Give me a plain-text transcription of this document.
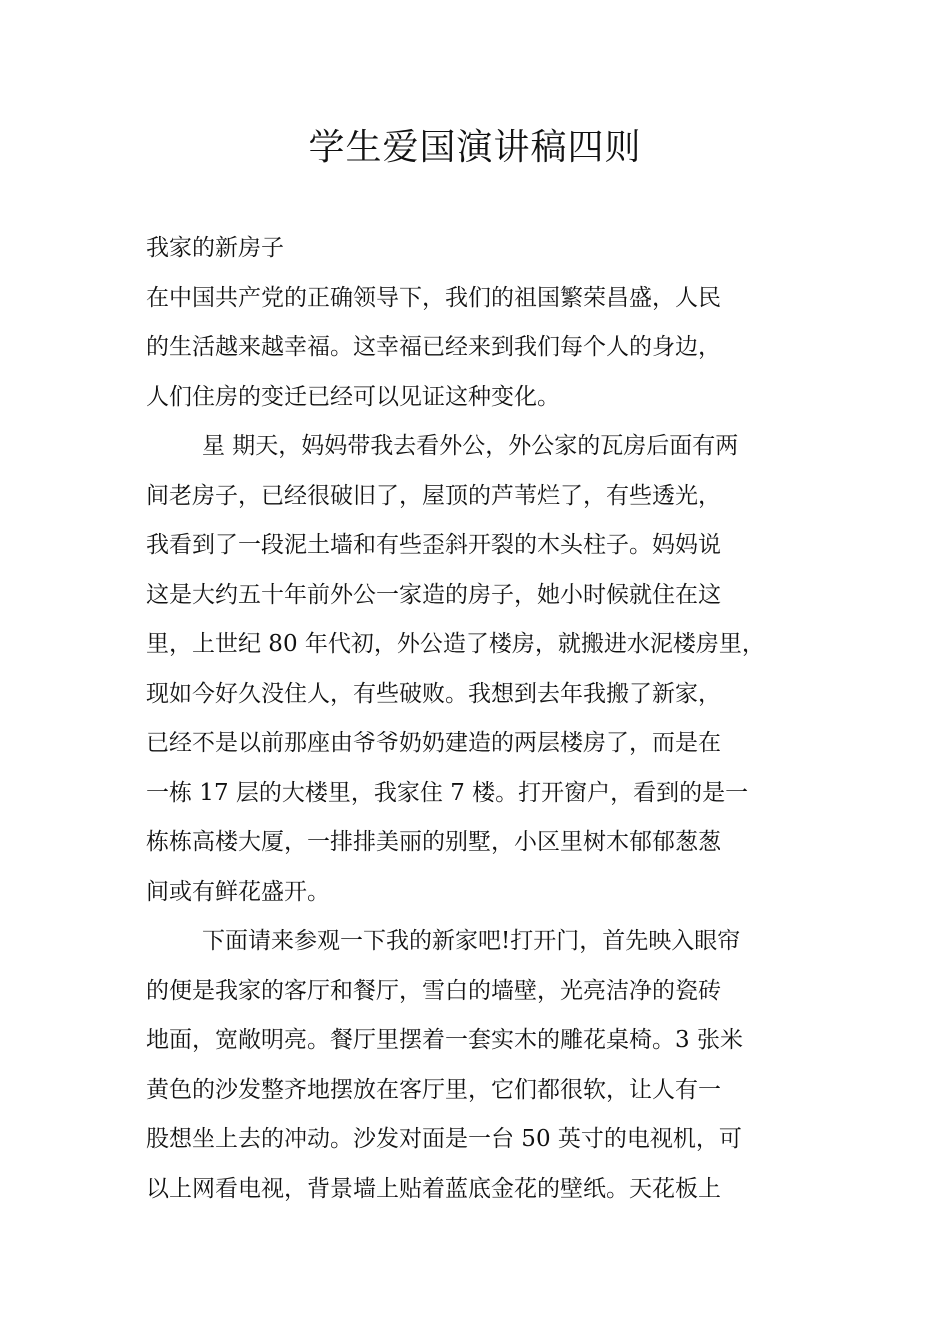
学生爱国演讲稿四则
我家的新房子
在中国共产党的正确领导下，我们的祖国繁荣昌盛，人民
的生活越来越幸福。这幸福已经来到我们每个人的身边，
人们住房的变迁已经可以见证这种变化。
星 期天，妈妈带我去看外公，外公家的瓦房后面有两
间老房子，已经很破旧了，屋顶的芦苇烂了，有些透光，
我看到了一段泥土墙和有些歪斜开裂的木头柱子。妈妈说
这是大约五十年前外公一家造的房子，她小时候就住在这
里，上世纪 80 年代初，外公造了楼房，就搬进水泥楼房里，
现如今好久没住人，有些破败。我想到去年我搬了新家，
已经不是以前那座由爷爷奶奶建造的两层楼房了，而是在
一栋 17 层的大楼里，我家住 7 楼。打开窗户，看到的是一
栋栋高楼大厦，一排排美丽的别墅，小区里树木郁郁葱葱
间或有鲜花盛开。
下面请来参观一下我的新家吧!打开门，首先映入眼帘
的便是我家的客厅和餐厅，雪白的墙壁，光亮洁净的瓷砖
地面，宽敞明亮。餐厅里摆着一套实木的雕花桌椅。3 张米
黄色的沙发整齐地摆放在客厅里，它们都很软，让人有一
股想坐上去的冲动。沙发对面是一台 50 英寸的电视机，可
以上网看电视，背景墙上贴着蓝底金花的壁纸。天花板上
